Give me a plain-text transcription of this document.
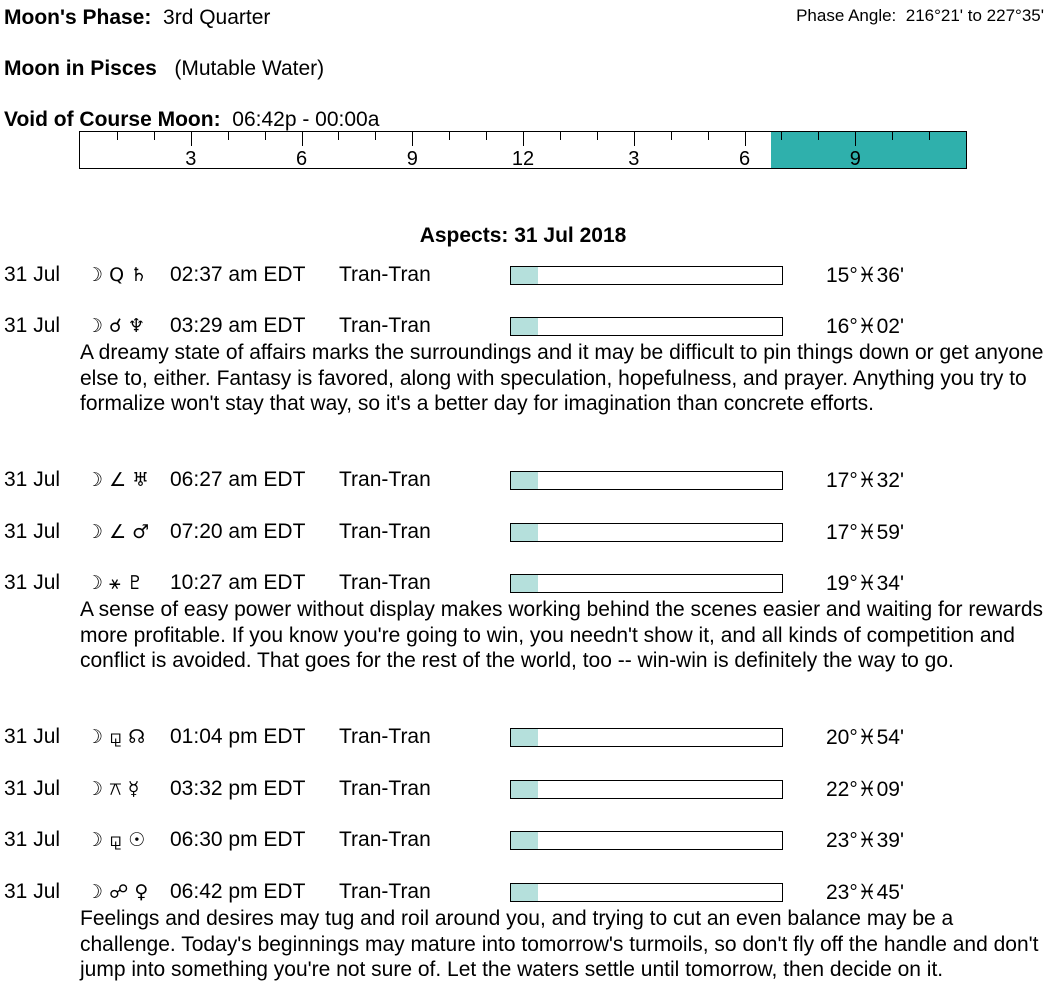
Moon's Phase: 3rd Quarter	Phase Angle: 216°21' to 227°35'
Moon in Pisces (Mutable Water)
Void of Course Moon: 06:42p - 00:00a
3	6	9	12	3	6	9
Aspects: 31 Jul 2018
31 Jul ☽ Q ♄ 02:37 am EDT Tran-Tran	15°♓36'
31 Jul ☽ ☌ ♆ 03:29 am EDT Tran-Tran	16°♓02'
A dreamy state of affairs marks the surroundings and it may be difficult to pin things down or get anyone else to, either. Fantasy is favored, along with speculation, hopefulness, and prayer. Anything you try to formalize won't stay that way, so it's a better day for imagination than concrete efforts.
31 Jul ☽ ∠ ♅ 06:27 am EDT Tran-Tran	17°♓32'
31 Jul ☽ ∠ ♂ 07:20 am EDT Tran-Tran	17°♓59'
31 Jul ☽ ⚹ ♇ 10:27 am EDT Tran-Tran	19°♓34'
A sense of easy power without display makes working behind the scenes easier and waiting for rewards more profitable. If you know you're going to win, you needn't show it, and all kinds of competition and conflict is avoided. That goes for the rest of the world, too -- win-win is definitely the way to go.
31 Jul ☽ ⚼ ☊ 01:04 pm EDT Tran-Tran	20°♓54'
31 Jul ☽ ⚻ ☿ 03:32 pm EDT Tran-Tran	22°♓09'
31 Jul ☽ ⚼ ☉ 06:30 pm EDT Tran-Tran	23°♓39'
31 Jul ☽ ☍ ♀ 06:42 pm EDT Tran-Tran	23°♓45'
Feelings and desires may tug and roil around you, and trying to cut an even balance may be a challenge. Today's beginnings may mature into tomorrow's turmoils, so don't fly off the handle and don't jump into something you're not sure of. Let the waters settle until tomorrow, then decide on it.
